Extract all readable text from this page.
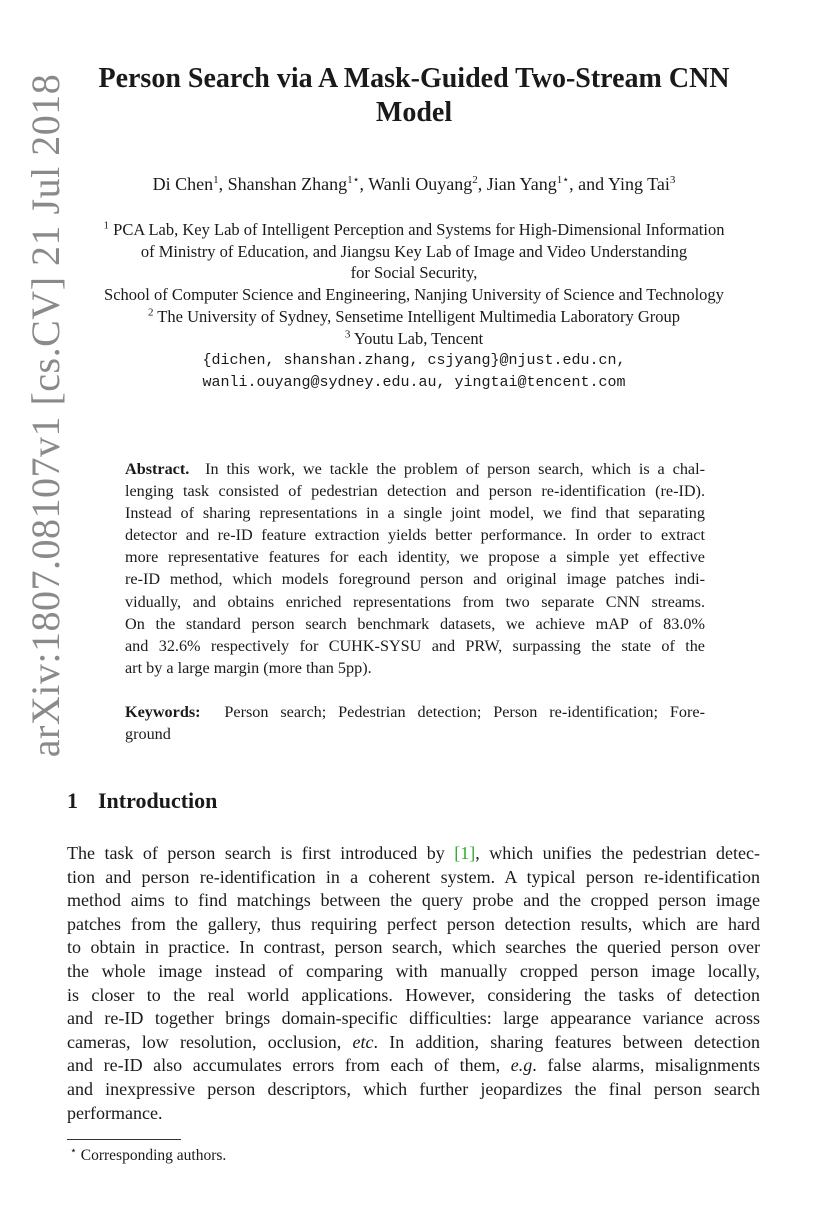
arXiv:1807.08107v1 [cs.CV] 21 Jul 2018	Person Search via A Mask-Guided Two-Stream CNN
Model
Di Chen$^1$, Shanshan Zhang$^{1⋆}$, Wanli Ouyang$^2$, Jian Yang$^{1⋆}$, and Ying Tai$^3$
$^1$ PCA Lab, Key Lab of Intelligent Perception and Systems for High-Dimensional Information
of Ministry of Education, and Jiangsu Key Lab of Image and Video Understanding
for Social Security,
School of Computer Science and Engineering, Nanjing University of Science and Technology
$^2$ The University of Sydney, Sensetime Intelligent Multimedia Laboratory Group
$^3$ Youtu Lab, Tencent
{dichen, shanshan.zhang, csjyang}@njust.edu.cn,
wanli.ouyang@sydney.edu.au, yingtai@tencent.com
Abstract. In this work, we tackle the problem of person search, which is a chal-
lenging task consisted of pedestrian detection and person re-identification (re-ID).
Instead of sharing representations in a single joint model, we find that separating
detector and re-ID feature extraction yields better performance. In order to extract
more representative features for each identity, we propose a simple yet effective
re-ID method, which models foreground person and original image patches indi-
vidually, and obtains enriched representations from two separate CNN streams.
On the standard person search benchmark datasets, we achieve mAP of 83.0%
and 32.6% respectively for CUHK-SYSU and PRW, surpassing the state of the
art by a large margin (more than 5pp).
Keywords: Person search; Pedestrian detection; Person re-identification; Fore-
ground
1 Introduction
The task of person search is first introduced by [1], which unifies the pedestrian detec-
tion and person re-identification in a coherent system. A typical person re-identification
method aims to find matchings between the query probe and the cropped person image
patches from the gallery, thus requiring perfect person detection results, which are hard
to obtain in practice. In contrast, person search, which searches the queried person over
the whole image instead of comparing with manually cropped person image locally,
is closer to the real world applications. However, considering the tasks of detection
and re-ID together brings domain-specific difficulties: large appearance variance across
cameras, low resolution, occlusion, etc. In addition, sharing features between detection
and re-ID also accumulates errors from each of them, e.g. false alarms, misalignments
and inexpressive person descriptors, which further jeopardizes the final person search
performance.
⋆ Corresponding authors.
